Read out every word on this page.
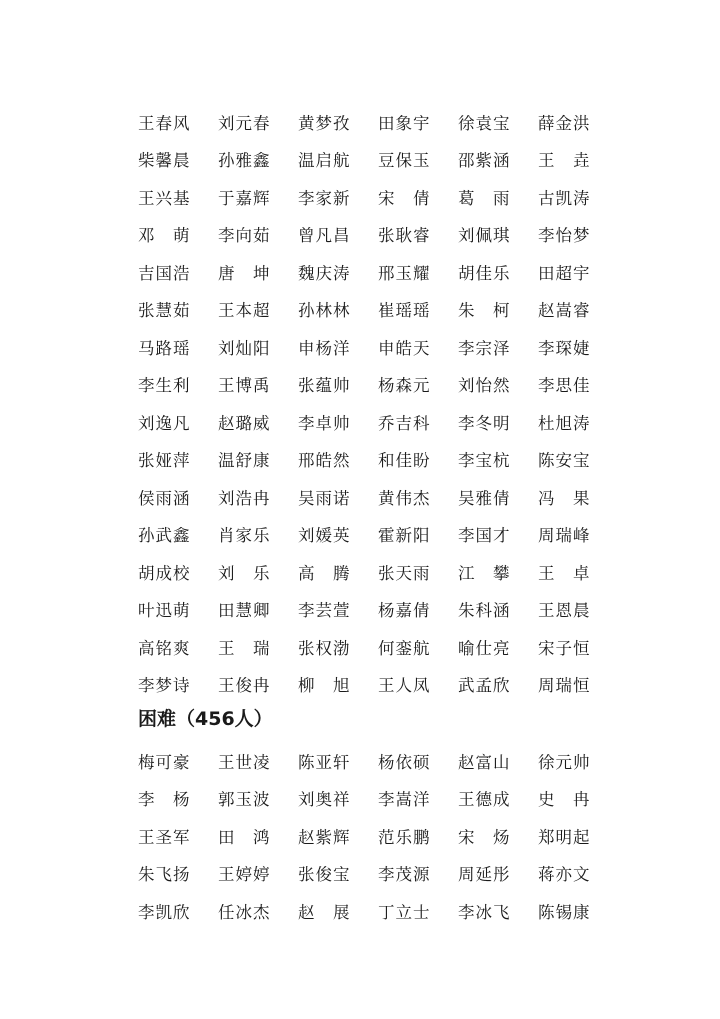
王春风	刘元春	黄梦孜	田象宇	徐袁宝	薛金洪
柴馨晨	孙雅鑫	温启航	豆保玉	邵紫涵	王　垚
王兴基	于嘉辉	李家新	宋　倩	葛　雨	古凯涛
邓　萌	李向茹	曾凡昌	张耿睿	刘佩琪	李怡梦
吉国浩	唐　坤	魏庆涛	邢玉耀	胡佳乐	田超宇
张慧茹	王本超	孙林林	崔瑶瑶	朱　柯	赵嵩睿
马路瑶	刘灿阳	申杨洋	申皓天	李宗泽	李琛婕
李生利	王博禹	张蕴帅	杨森元	刘怡然	李思佳
刘逸凡	赵璐威	李卓帅	乔吉科	李冬明	杜旭涛
张娅萍	温舒康	邢皓然	和佳盼	李宝杭	陈安宝
侯雨涵	刘浩冉	吴雨诺	黄伟杰	吴雅倩	冯　果
孙武鑫	肖家乐	刘媛英	霍新阳	李国才	周瑞峰
胡成校	刘　乐	高　腾	张天雨	江　攀	王　卓
叶迅萌	田慧卿	李芸萱	杨嘉倩	朱科涵	王恩晨
高铭爽	王　瑞	张权渤	何銮航	喻仕亮	宋子恒
李梦诗	王俊冉	柳　旭	王人凤	武孟欣	周瑞恒
困难（456人）
梅可豪	王世凌	陈亚轩	杨依硕	赵富山	徐元帅
李　杨	郭玉波	刘奥祥	李嵩洋	王德成	史　冉
王圣军	田　鸿	赵紫辉	范乐鹏	宋　炀	郑明起
朱飞扬	王婷婷	张俊宝	李茂源	周延彤	蒋亦文
李凯欣	任冰杰	赵　展	丁立士	李冰飞	陈锡康
